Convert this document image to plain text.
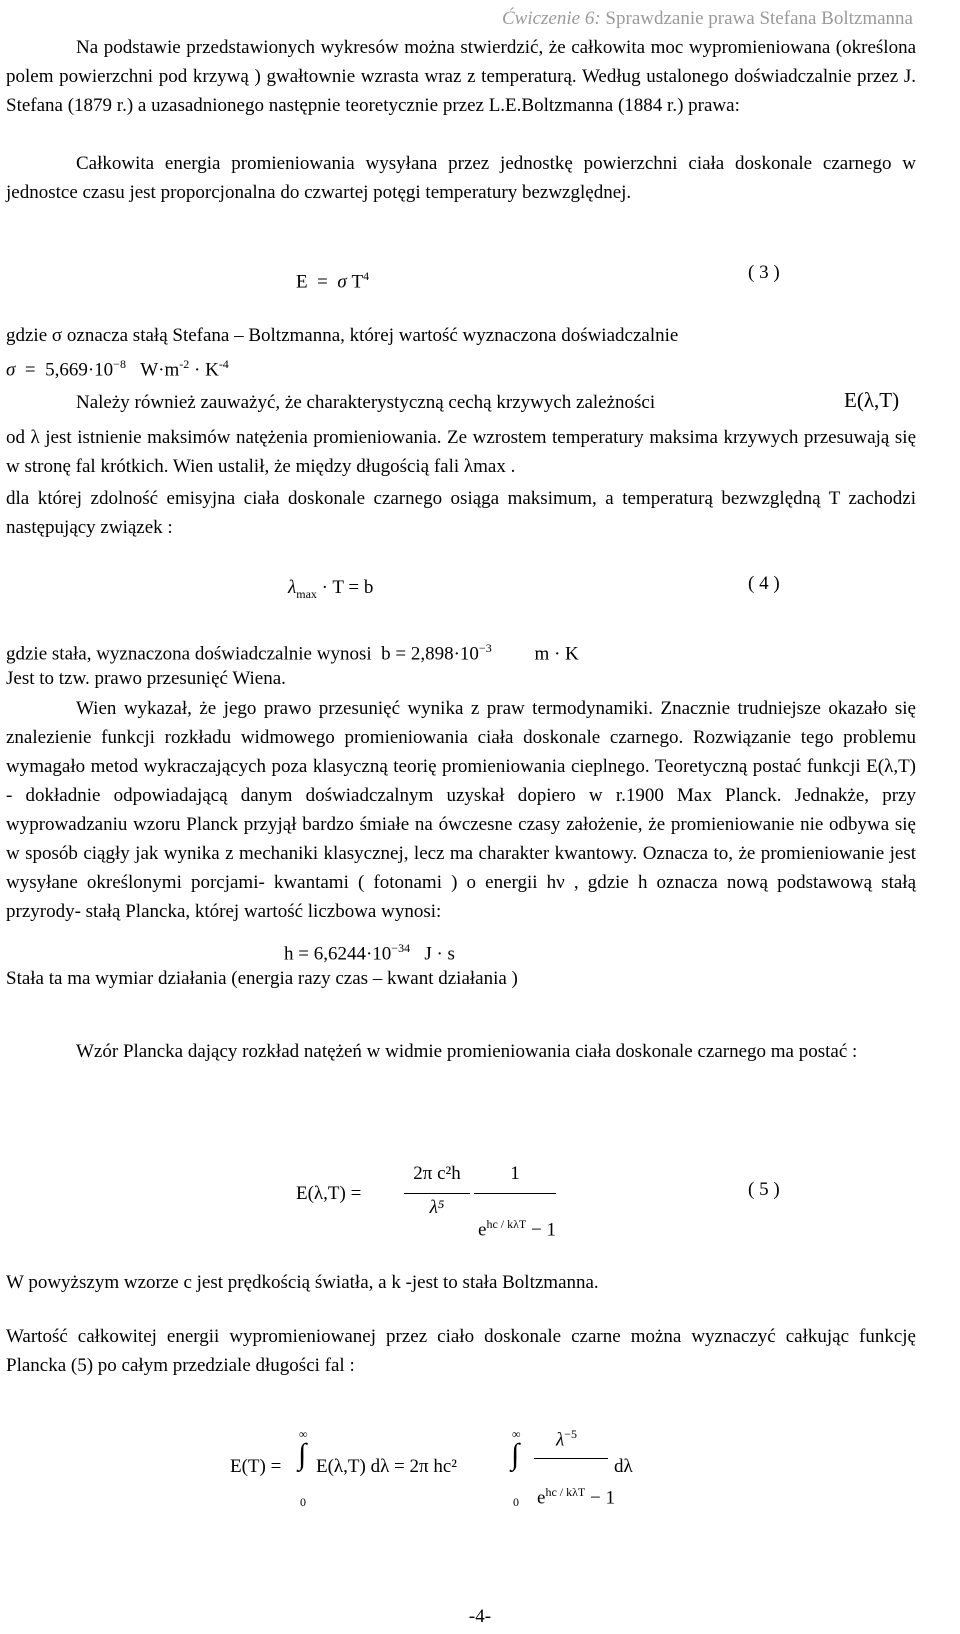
Ćwiczenie 6: Sprawdzanie prawa Stefana Boltzmanna

Na podstawie przedstawionych wykresów można stwierdzić, że całkowita moc wypromieniowana (określona polem powierzchni pod krzywą ) gwałtownie wzrasta wraz z temperaturą. Według ustalonego doświadczalnie przez J. Stefana (1879 r.) a uzasadnionego następnie teoretycznie przez L.E.Boltzmanna (1884 r.) prawa:

Całkowita energia promieniowania wysyłana przez jednostkę powierzchni ciała doskonale czarnego w jednostce czasu jest proporcjonalna do czwartej potęgi temperatury bezwzględnej.

E = σ $T^4$	( 3 )
gdzie σ oznacza stałą Stefana – Boltzmanna, której wartość wyznaczona doświadczalnie
$\sigma = 5,669\cdot 10^{-8}$ $W\cdot m^{-2} \cdot K^{-4}$
Należy również zauważyć, że charakterystyczną cechą krzywych zależności	E(λ,T)

od λ jest istnienie maksimów natężenia promieniowania. Ze wzrostem temperatury maksima krzywych przesuwają się w stronę fal krótkich. Wien ustalił, że między długością fali λmax .

dla której zdolność emisyjna ciała doskonale czarnego osiąga maksimum, a temperaturą bezwzględną T zachodzi następujący związek :

$\lambda_{max} \cdot T = b$	( 4 )
gdzie stała, wyznaczona doświadczalnie wynosi $b = 2,898\cdot 10^{-3}$ m · K
Jest to tzw. prawo przesunięć Wiena.

Wien wykazał, że jego prawo przesunięć wynika z praw termodynamiki. Znacznie trudniejsze okazało się znalezienie funkcji rozkładu widmowego promieniowania ciała doskonale czarnego. Rozwiązanie tego problemu wymagało metod wykraczających poza klasyczną teorię promieniowania cieplnego. Teoretyczną postać funkcji E(λ,T) - dokładnie odpowiadającą danym doświadczalnym uzyskał dopiero w r.1900 Max Planck. Jednakże, przy wyprowadzaniu wzoru Planck przyjął bardzo śmiałe na ówczesne czasy założenie, że promieniowanie nie odbywa się w sposób ciągły jak wynika z mechaniki klasycznej, lecz ma charakter kwantowy. Oznacza to, że promieniowanie jest wysyłane określonymi porcjami- kwantami ( fotonami ) o energii hν , gdzie h oznacza nową podstawową stałą przyrody- stałą Plancka, której wartość liczbowa wynosi:

$h = 6,6244\cdot 10^{-34}$ J · s
Stała ta ma wymiar działania (energia razy czas – kwant działania )

Wzór Plancka dający rozkład natężeń w widmie promieniowania ciała doskonale czarnego ma postać :

E(λ,T) =
2π c²h
λ⁵
1
$e^{hc / k\lambda T} - 1$
( 5 )
W powyższym wzorze c jest prędkością światła, a k -jest to stała Boltzmanna.

Wartość całkowitej energii wypromieniowanej przez ciało doskonale czarne można wyznaczyć całkując funkcję Plancka (5) po całym przedziale długości fal :

E(T) =
∞
∫
0
E(λ,T) dλ = 2π hc²
∞
∫
0
$\lambda^{-5}$
$e^{hc / k\lambda T} - 1$
dλ
-4-
